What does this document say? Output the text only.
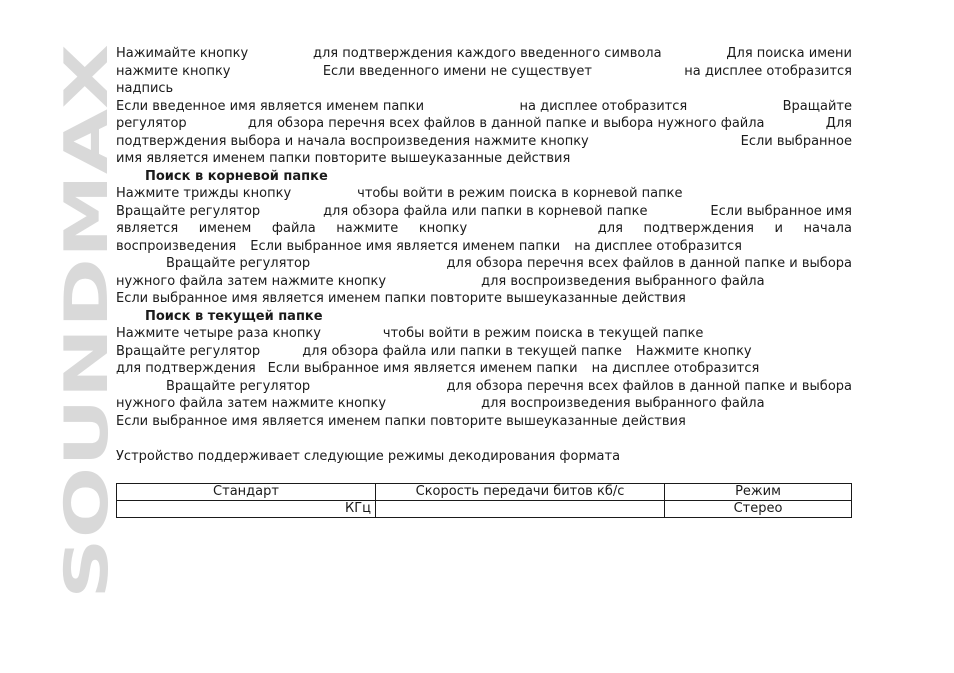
SOUNDMAX
Нажимайте кнопку	для подтверждения каждого введенного символа	Для поиска имени
нажмите кнопку	Если введенного имени не существует	на дисплее отобразится
надпись
Если введенное имя является именем папки	на дисплее отобразится	Вращайте
регулятор	для обзора перечня всех файлов в данной папке и выбора нужного файла	Для
подтверждения выбора и начала воспроизведения нажмите кнопку	Если выбранное
имя является именем папки повторите вышеуказанные действия
Поиск в корневой папке
Нажмите трижды кнопку	чтобы войти в режим поиска в корневой папке
Вращайте регулятор	для обзора файла или папки в корневой папке	Если выбранное имя
является именем файла нажмите кнопку	для подтверждения и начала
воспроизведения Если выбранное имя является именем папки на дисплее отобразится
Вращайте регулятор	для обзора перечня всех файлов в данной папке и выбора
нужного файла затем нажмите кнопку	для воспроизведения выбранного файла
Если выбранное имя является именем папки повторите вышеуказанные действия
Поиск в текущей папке
Нажмите четыре раза кнопку	чтобы войти в режим поиска в текущей папке
Вращайте регулятор	для обзора файла или папки в текущей папке Нажмите кнопку
для подтверждения Если выбранное имя является именем папки на дисплее отобразится
Вращайте регулятор	для обзора перечня всех файлов в данной папке и выбора
нужного файла затем нажмите кнопку	для воспроизведения выбранного файла
Если выбранное имя является именем папки повторите вышеуказанные действия
Устройство поддерживает следующие режимы декодирования формата
Стандарт	Скорость передачи битов кб/с	Режим
КГц		Стерео
